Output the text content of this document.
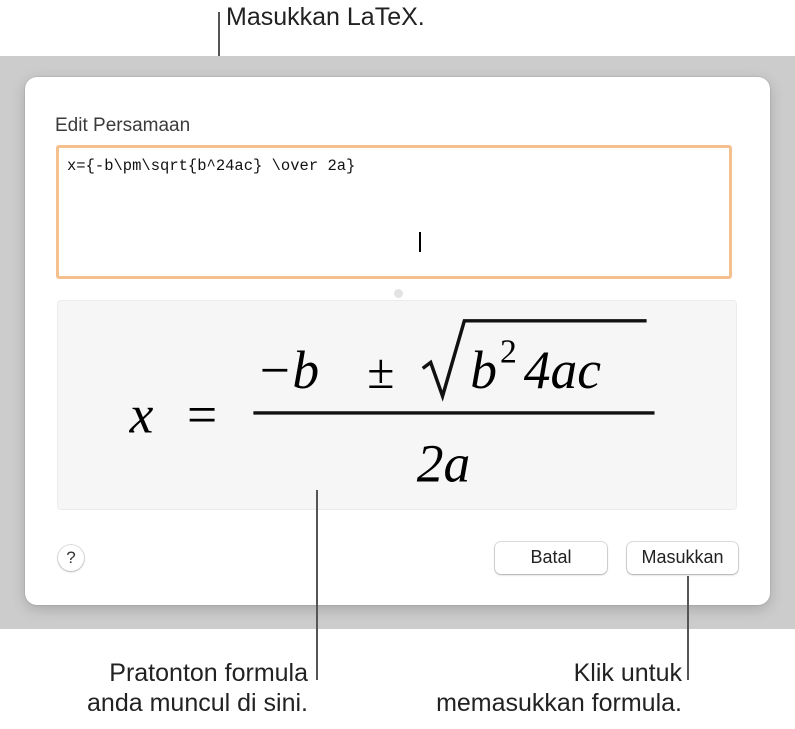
Masukkan LaTeX.
Edit Persamaan
x={-b\pm\sqrt{b^24ac} \over 2a}
x =
−b ± b 2 4ac
2a
?	Batal	Masukkan
Pratonton formula
anda muncul di sini.
Klik untuk
memasukkan formula.
